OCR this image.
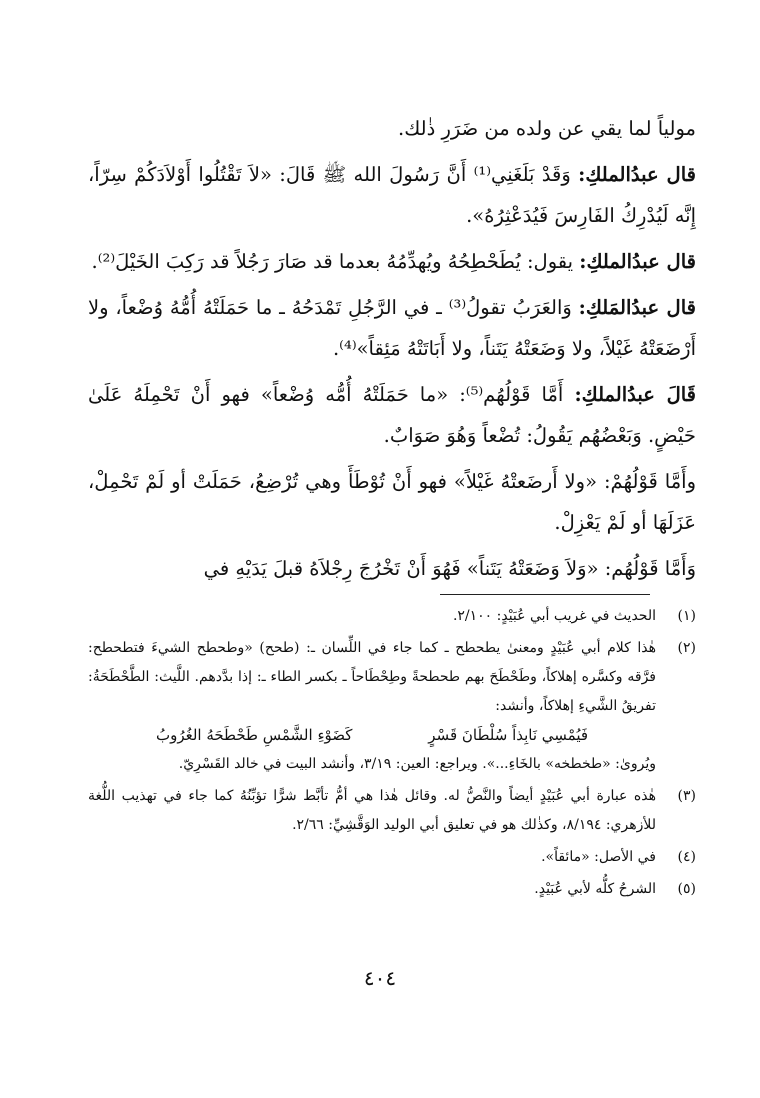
مولياً لما يقي عن ولده من ضَرَرِ ذٰلك.

قال عبدُالملكِ: وَقَدْ بَلَغَنِي⁽¹⁾ أَنَّ رَسُولَ الله ﷺ قَالَ: «لاَ تَقْتُلُوا أَوْلاَدَكُمْ سِرّاً، إِنَّه لَيُدْرِكُ الفَارِسَ فَيُدَعْثِرُهُ».

قال عبدُالملكِ: يقول: يُطَحْطِحُهُ ويُهدِّمُهُ بعدما قد صَارَ رَجُلاً قد رَكِبَ الخَيْلَ⁽²⁾.

قال عبدُالمَلكِ: وَالعَرَبُ تقولُ⁽³⁾ ـ في الرَّجُلِ تَمْدَحُهُ ـ ما حَمَلَتْهُ أُمُّهُ وُضْعاً، ولا أَرْضَعَتْهُ غَيْلاً، ولا وَضَعَتْهُ يَتَناً، ولا أَبَاتَتْهُ مَئِقاً»⁽⁴⁾.

قَالَ عبدُالملكِ: أَمَّا قَوْلُهُم⁽⁵⁾: «ما حَمَلَتْهُ أُمُّه وُضْعاً» فهو أَنْ تَحْمِلَهُ عَلَىٰ حَيْضٍ. وَبَعْضُهُم يَقُولُ: تُضْعاً وَهُوَ صَوَابٌ.

وأَمَّا قَوْلُهُمْ: «ولا أَرضَعتْهُ غَيْلاً» فهو أَنْ تُوْطَأَ وهي تُرْضِعُ، حَمَلَتْ أو لَمْ تَحْمِلْ، عَزَلَهَا أو لَمْ يَعْزِلْ.

وَأَمَّا قَوْلُهُم: «وَلاَ وَضَعَتْهُ يَتَناً» فَهُوَ أَنْ تَخْرُجَ رِجْلاَهُ قبلَ يَدَيْهِ في

(١)
الحديث في غريب أبي عُبَيْدٍ: ٢/١٠٠.
(٢)
هٰذا كلام أبي عُبَيْدٍ ومعنىٰ يطحطح ـ كما جاء في اللِّسان ـ: (طحح) «وطحطح الشيءَ فتطحطح: فرَّقه وكسَّره إهلاكاً، وطَحْطَحَ بهم طحطحةً وطِحْطَاحاً ـ بكسر الطاء ـ: إذا بدَّدهم. اللَّيث: الطَّحْطَحَةُ: تفريقُ الشَّيءِ إهلاكاً، وأنشد:
فَيُمْسِي نَابِذاً سُلْطَانَ قَسْرٍ
كَضَوْءِ الشَّمْسِ طَحْطَحَهُ الغُرُوبُ
ويُروىٰ: «طخطخه» بالخَاءِ...». ويراجع: العين: ٣/١٩، وأنشد البيت في خالد القَسْرِيّ.
(٣)
هٰذه عبارة أبي عُبَيْدٍ أيضاً والنَّصُّ له. وقائل هٰذا هي أمُّ تأبَّط شرًّا تؤبِّنُهُ كما جاء في تهذيب اللُّغة للأزهري: ٨/١٩٤، وكذٰلك هو في تعليق أبي الوليد الوَقَّشِيِّ: ٢/٦٦.
(٤)
في الأصل: «مائقاً».
(٥)
الشرحُ كلُّه لأبي عُبَيْدٍ.
٤٠٤
